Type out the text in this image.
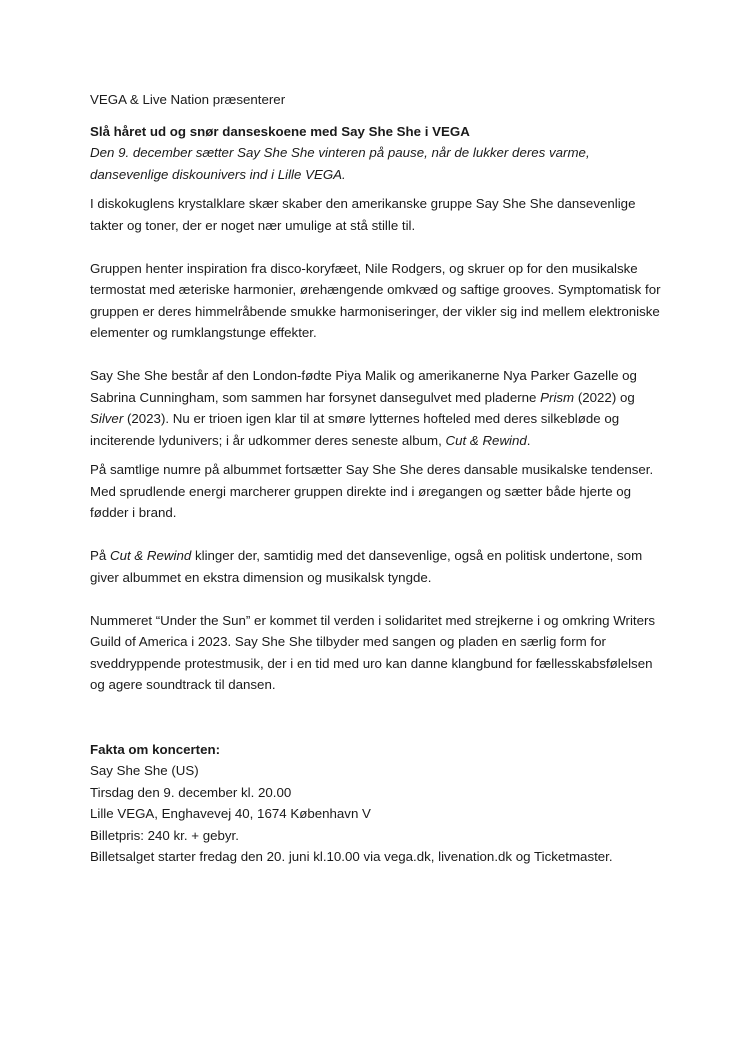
VEGA & Live Nation præsenterer

Slå håret ud og snør danseskoene med Say She She i VEGA

Den 9. december sætter Say She She vinteren på pause, når de lukker deres varme, dansevenlige diskounivers ind i Lille VEGA.

I diskokuglens krystalklare skær skaber den amerikanske gruppe Say She She dansevenlige takter og toner, der er noget nær umulige at stå stille til.

Gruppen henter inspiration fra disco-koryfæet, Nile Rodgers, og skruer op for den musikalske termostat med æteriske harmonier, ørehængende omkvæd og saftige grooves. Symptomatisk for gruppen er deres himmelråbende smukke harmoniseringer, der vikler sig ind mellem elektroniske elementer og rumklangstunge effekter.

Say She She består af den London-fødte Piya Malik og amerikanerne Nya Parker Gazelle og Sabrina Cunningham, som sammen har forsynet dansegulvet med pladerne Prism (2022) og Silver (2023). Nu er trioen igen klar til at smøre lytternes hofteled med deres silkebløde og inciterende lydunivers; i år udkommer deres seneste album, Cut & Rewind.

På samtlige numre på albummet fortsætter Say She She deres dansable musikalske tendenser. Med sprudlende energi marcherer gruppen direkte ind i øregangen og sætter både hjerte og fødder i brand.

På Cut & Rewind klinger der, samtidig med det dansevenlige, også en politisk undertone, som giver albummet en ekstra dimension og musikalsk tyngde.

Nummeret “Under the Sun” er kommet til verden i solidaritet med strejkerne i og omkring Writers Guild of America i 2023. Say She She tilbyder med sangen og pladen en særlig form for sveddryppende protestmusik, der i en tid med uro kan danne klangbund for fællesskabsfølelsen og agere soundtrack til dansen.

Fakta om koncerten:

Say She She (US)

Tirsdag den 9. december kl. 20.00

Lille VEGA, Enghavevej 40, 1674 København V

Billetpris: 240 kr. + gebyr.

Billetsalget starter fredag den 20. juni kl.10.00 via vega.dk, livenation.dk og Ticketmaster.
